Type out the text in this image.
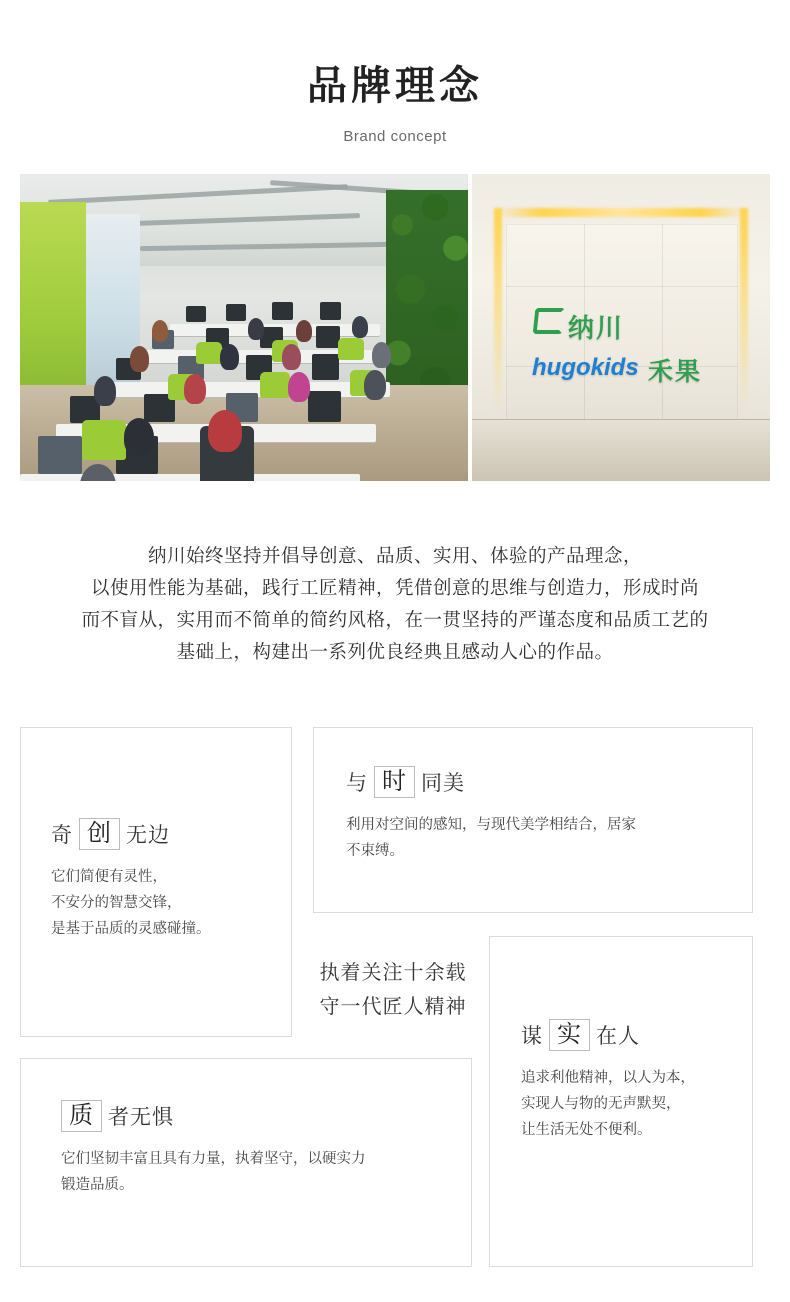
品牌理念
Brand concept
纳川
hugokids 禾果
纳川始终坚持并倡导创意、品质、实用、体验的产品理念，
以使用性能为基础，践行工匠精神，凭借创意的思维与创造力，形成时尚
而不盲从，实用而不简单的简约风格，在一贯坚持的严谨态度和品质工艺的
基础上，构建出一系列优良经典且感动人心的作品。
奇 创 无边
它们简便有灵性，
不安分的智慧交锋，
是基于品质的灵感碰撞。
与 时 同美
利用对空间的感知，与现代美学相结合，居家
不束缚。
谋 实 在人
追求利他精神，以人为本，
实现人与物的无声默契，
让生活无处不便利。
质 者无惧
它们坚韧丰富且具有力量，执着坚守，以硬实力
锻造品质。
执着关注十余载
守一代匠人精神
